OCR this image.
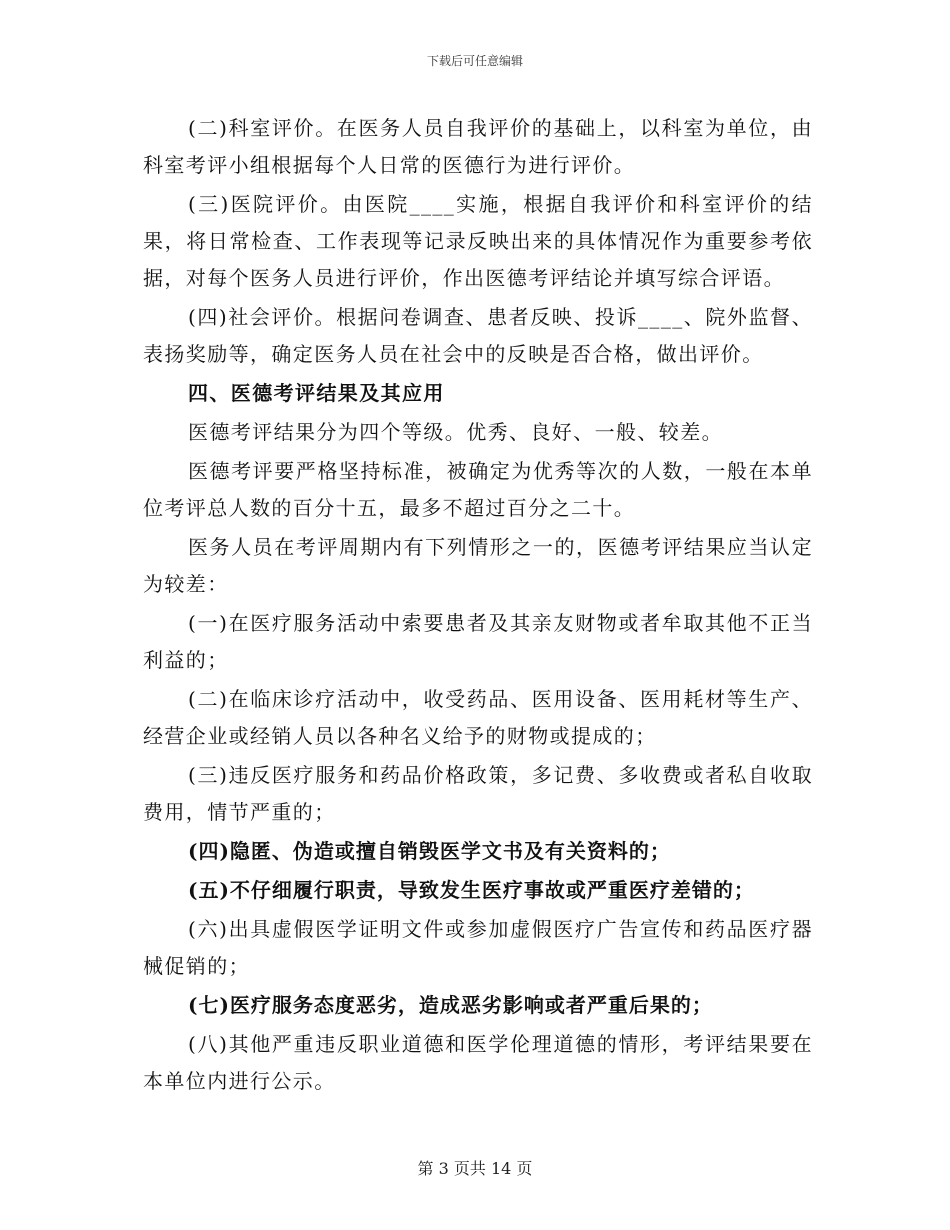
下载后可任意编辑

(二)科室评价。在医务人员自我评价的基础上，以科室为单位，由科室考评小组根据每个人日常的医德行为进行评价。

(三)医院评价。由医院____实施，根据自我评价和科室评价的结果，将日常检查、工作表现等记录反映出来的具体情况作为重要参考依据，对每个医务人员进行评价，作出医德考评结论并填写综合评语。

(四)社会评价。根据问卷调查、患者反映、投诉____、院外监督、表扬奖励等，确定医务人员在社会中的反映是否合格，做出评价。

四、医德考评结果及其应用

医德考评结果分为四个等级。优秀、良好、一般、较差。

医德考评要严格坚持标准，被确定为优秀等次的人数，一般在本单位考评总人数的百分十五，最多不超过百分之二十。

医务人员在考评周期内有下列情形之一的，医德考评结果应当认定为较差：

(一)在医疗服务活动中索要患者及其亲友财物或者牟取其他不正当利益的；

(二)在临床诊疗活动中，收受药品、医用设备、医用耗材等生产、经营企业或经销人员以各种名义给予的财物或提成的；

(三)违反医疗服务和药品价格政策，多记费、多收费或者私自收取费用，情节严重的；

(四)隐匿、伪造或擅自销毁医学文书及有关资料的；

(五)不仔细履行职责，导致发生医疗事故或严重医疗差错的；

(六)出具虚假医学证明文件或参加虚假医疗广告宣传和药品医疗器械促销的；

(七)医疗服务态度恶劣，造成恶劣影响或者严重后果的；

(八)其他严重违反职业道德和医学伦理道德的情形，考评结果要在本单位内进行公示。

第 3 页共 14 页
